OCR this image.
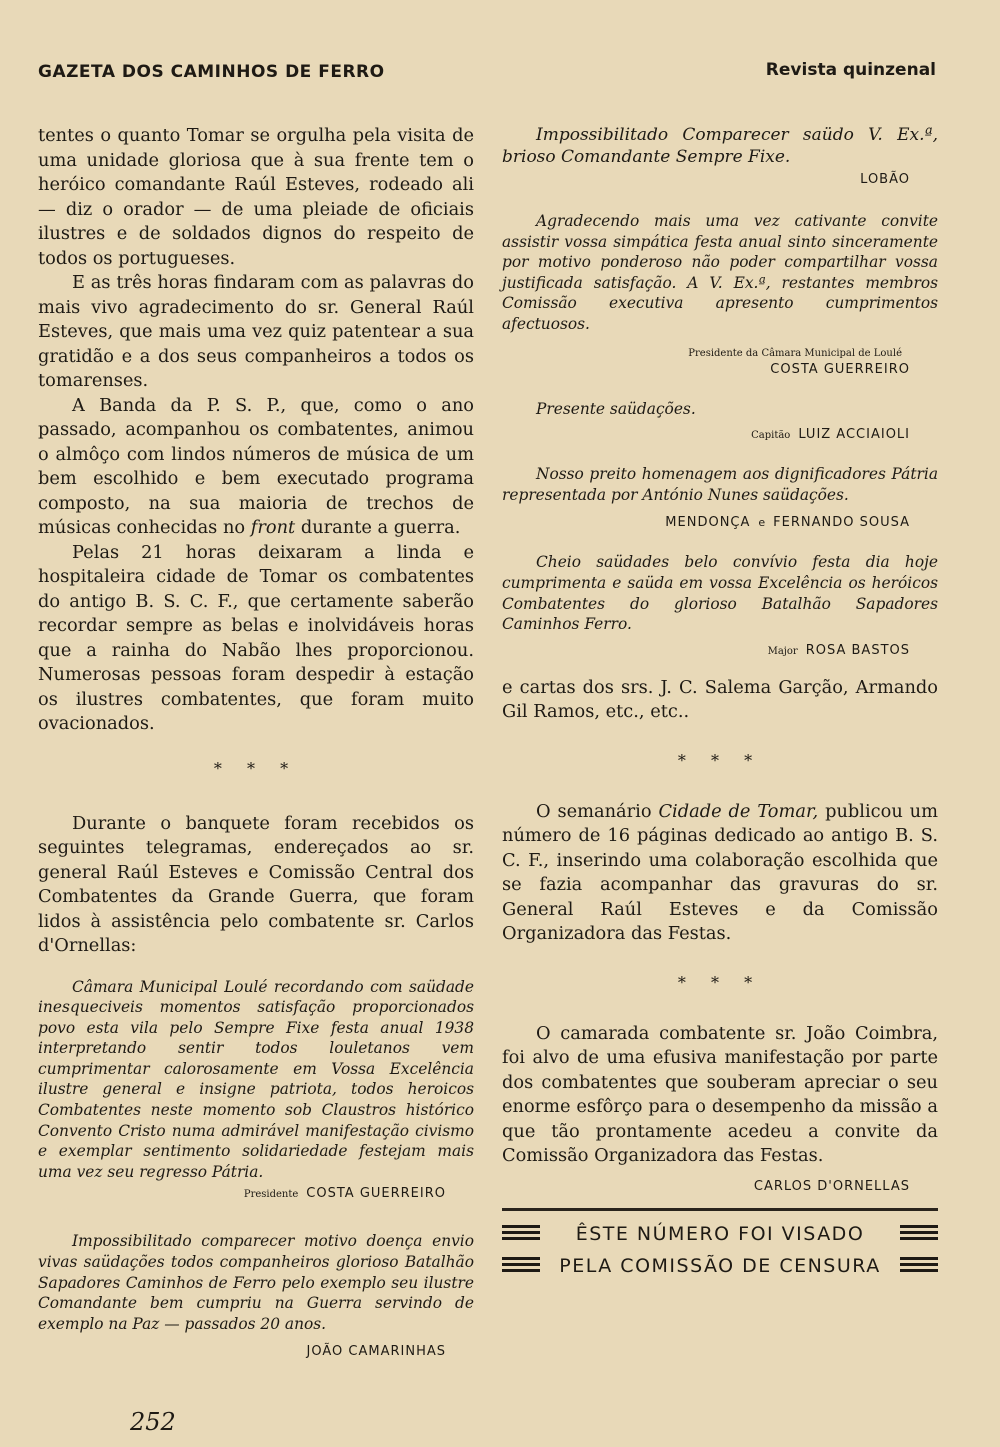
GAZETA DOS CAMINHOS DE FERRO	Revista quinzenal

tentes o quanto Tomar se orgulha pela visita de uma unidade gloriosa que à sua frente tem o heróico comandante Raúl Esteves, rodeado ali — diz o orador — de uma pleiade de oficiais ilustres e de soldados dignos do respeito de todos os portugueses.

E as três horas findaram com as palavras do mais vivo agradecimento do sr. General Raúl Esteves, que mais uma vez quiz patentear a sua gratidão e a dos seus companheiros a todos os tomarenses.

A Banda da P. S. P., que, como o ano passado, acompanhou os combatentes, animou o almôço com lindos números de música de um bem escolhido e bem executado programa composto, na sua maioria de trechos de músicas conhecidas no front durante a guerra.

Pelas 21 horas deixaram a linda e hospitaleira cidade de Tomar os combatentes do antigo B. S. C. F., que certamente saberão recordar sempre as belas e inolvidáveis horas que a rainha do Nabão lhes proporcionou. Numerosas pessoas foram despedir à estação os ilustres combatentes, que foram muito ovacionados.

* * *

Durante o banquete foram recebidos os seguintes telegramas, endereçados ao sr. general Raúl Esteves e Comissão Central dos Combatentes da Grande Guerra, que foram lidos à assistência pelo combatente sr. Carlos d'Ornellas:

Câmara Municipal Loulé recordando com saüdade inesqueciveis momentos satisfação proporcionados povo esta vila pelo Sempre Fixe festa anual 1938 interpretando sentir todos louletanos vem cumprimentar calorosamente em Vossa Excelência ilustre general e insigne patriota, todos heroicos Combatentes neste momento sob Claustros histórico Convento Cristo numa admirável manifestação civismo e exemplar sentimento solidariedade festejam mais uma vez seu regresso Pátria.

Presidente COSTA GUERREIRO

Impossibilitado comparecer motivo doença envio vivas saüdações todos companheiros glorioso Batalhão Sapadores Caminhos de Ferro pelo exemplo seu ilustre Comandante bem cumpriu na Guerra servindo de exemplo na Paz — passados 20 anos.

JOÃO CAMARINHAS

Impossibilitado Comparecer saüdo V. Ex.ª, brioso Comandante Sempre Fixe.

LOBÃO

Agradecendo mais uma vez cativante convite assistir vossa simpática festa anual sinto sinceramente por motivo ponderoso não poder compartilhar vossa justificada satisfação. A V. Ex.ª, restantes membros Comissão executiva apresento cumprimentos afectuosos.

Presidente da Câmara Municipal de Loulé
COSTA GUERREIRO

Presente saüdações.

Capitão LUIZ ACCIAIOLI

Nosso preito homenagem aos dignificadores Pátria representada por António Nunes saüdações.

MENDONÇA e FERNANDO SOUSA

Cheio saüdades belo convívio festa dia hoje cumprimenta e saüda em vossa Excelência os heróicos Combatentes do glorioso Batalhão Sapadores Caminhos Ferro.

Major ROSA BASTOS

e cartas dos srs. J. C. Salema Garção, Armando Gil Ramos, etc., etc..

* * *

O semanário Cidade de Tomar, publicou um número de 16 páginas dedicado ao antigo B. S. C. F., inserindo uma colaboração escolhida que se fazia acompanhar das gravuras do sr. General Raúl Esteves e da Comissão Organizadora das Festas.

* * *

O camarada combatente sr. João Coimbra, foi alvo de uma efusiva manifestação por parte dos combatentes que souberam apreciar o seu enorme esfôrço para o desempenho da missão a que tão prontamente acedeu a convite da Comissão Organizadora das Festas.

CARLOS D'ORNELLAS
ÊSTE NÚMERO FOI VISADO
PELA COMISSÃO DE CENSURA
252
